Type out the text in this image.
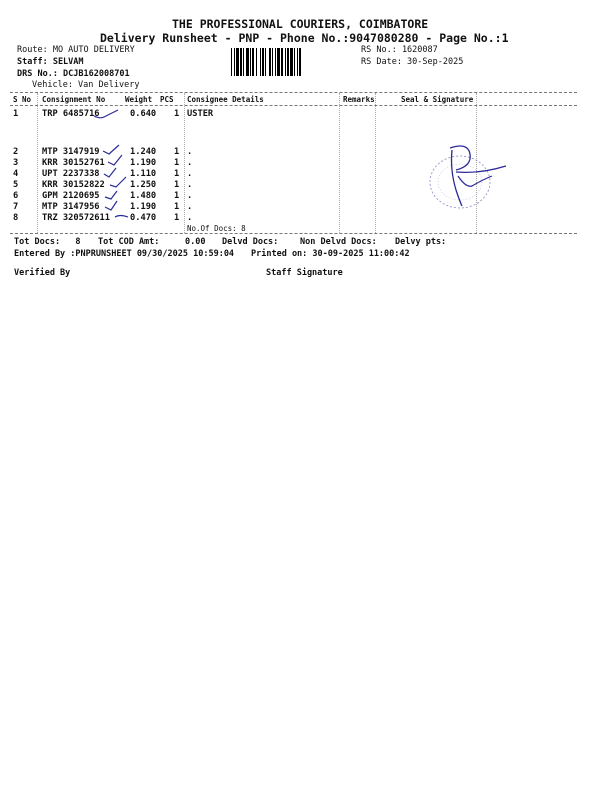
THE PROFESSIONAL COURIERS, COIMBATORE
Delivery Runsheet - PNP - Phone No.:9047080280 - Page No.:1
Route: MO AUTO DELIVERY
Staff: SELVAM
DRS No.: DCJB162008701
Vehicle: Van Delivery
RS No.: 1620087
RS Date: 30-Sep-2025
S No Consignment No	Weight PCS Consignee Details	Remarks	Seal & Signature
1	TRP 6485716	0.640 1 USTER
2	MTP 3147919	1.240 1 .
3	KRR 30152761	1.190 1 .
4	UPT 2237338	1.110 1 .
5	KRR 30152822	1.250 1 .
6	GPM 2120695	1.480 1 .
7	MTP 3147956	1.190 1 .
8	TRZ 320572611 0.470 1 .
No.Of Docs: 8
Tot Docs:   8 Tot COD Amt:     0.00 Delvd Docs:	Non Delvd Docs: Delvy pts:
Entered By :PNPRUNSHEET 09/30/2025 10:59:04 Printed on: 30-09-2025 11:00:42
Verified By	Staff Signature
